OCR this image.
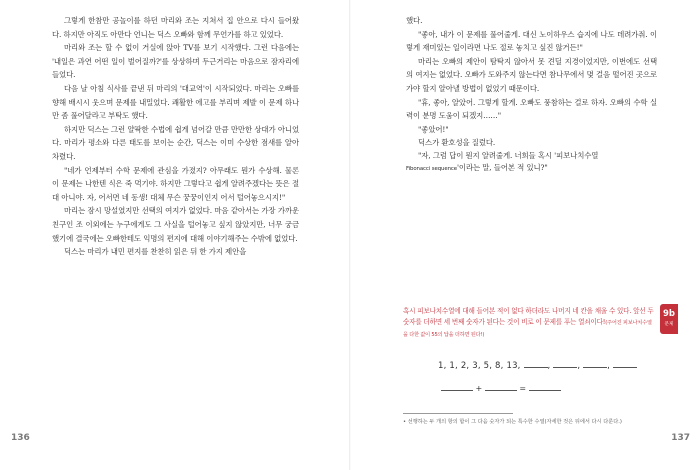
그렇게 한참만 공놀이를 하던 마리와 조는 지쳐서 집 안으로 다시 들어왔다. 하지만 아직도 아만다 언니는 딕스 오빠와 함께 무언가를 하고 있었다.

마리와 조는 할 수 없이 거실에 앉아 TV를 보기 시작했다. 그런 다음에는 '내일은 과연 어떤 일이 벌어질까?'를 상상하며 두근거리는 마음으로 잠자리에 들었다.

다음 날 아침 식사를 끝낸 뒤 마리의 '대교역'이 시작되었다. 마리는 오빠를 향해 배시시 웃으며 문제를 내밀었다. 쾌활한 에고를 부리며 제발 이 문제 하나만 좀 풀어달라고 부탁도 했다.

하지만 딕스는 그런 얄팍한 수법에 쉽게 넘어갈 만큼 만만한 상대가 아니었다. 마리가 평소와 다른 태도를 보이는 순간, 딕스는 이미 수상한 점새를 알아차렸다.

"네가 언제부터 수학 문제에 관심을 가졌지? 아무래도 뭔가 수상해. 물론 이 문제는 나한텐 식은 죽 먹기야. 하지만 그렇다고 쉽게 알려주겠다는 뜻은 절대 아니야. 자, 어서면 네 동생! 대체 무슨 꿍꿍이인지 어서 털어놓으시지!"

마리는 잠시 망설였지만 선택의 여지가 없었다. 마음 같아서는 가장 가까운 친구인 조 이외에는 누구에게도 그 사실을 털어놓고 싶지 않았지만, 너무 궁금했기에 결국에는 오빠한테도 익명의 편지에 대해 이야기해주는 수밖에 없었다.

딕스는 마리가 내민 편지를 찬찬히 읽은 뒤 한 가지 제안을

136

했다.

"좋아, 내가 이 문제를 풀어줄게. 대신 노이하우스 습지에 나도 데려가줘. 이렇게 재미있는 일이라면 나도 절로 놓치고 싶진 않거든!"

마리는 오빠의 제안이 탐탁지 않아서 못 견딜 지경이었지만, 이번에도 선택의 여지는 없었다. 오빠가 도와주지 않는다면 참나무에서 몇 걸음 떨어진 곳으로 가야 할지 알아낼 방법이 없었기 때문이다.

"휴, 좋아, 알았어. 그렇게 할게. 오빠도 풍참하는 걸로 하자. 오빠의 수학 실력이 분명 도움이 되겠지……"

"좋았어!"

딕스가 환호성을 질렀다.

"자, 그럼 답이 뭔지 알려줄게. 너희들 혹시 '피보나치수열

Fibonacci sequence'이라는 말, 들어본 적 있니?"

137
혹시 피보나치수열에 대해 들어본 적이 없다 하더라도 나머지 네 칸을 채울 수 있다. 앞선 두 숫자를 더하면 세 번째 숫자가 된다는 것이 비로 이 문제를 푸는 열쇠이다!(주어진 피보나치수열을 다한 값이 55의 답을 더하면 된다!)
9b
문제
1, 1, 2, 3, 5, 8, 13,	,	,	,
+	=
• 선행하는 두 개의 항의 합이 그 다음 숫자가 되는 특수한 수열(자세한 것은 뒤에서 다시 다룬다.)
